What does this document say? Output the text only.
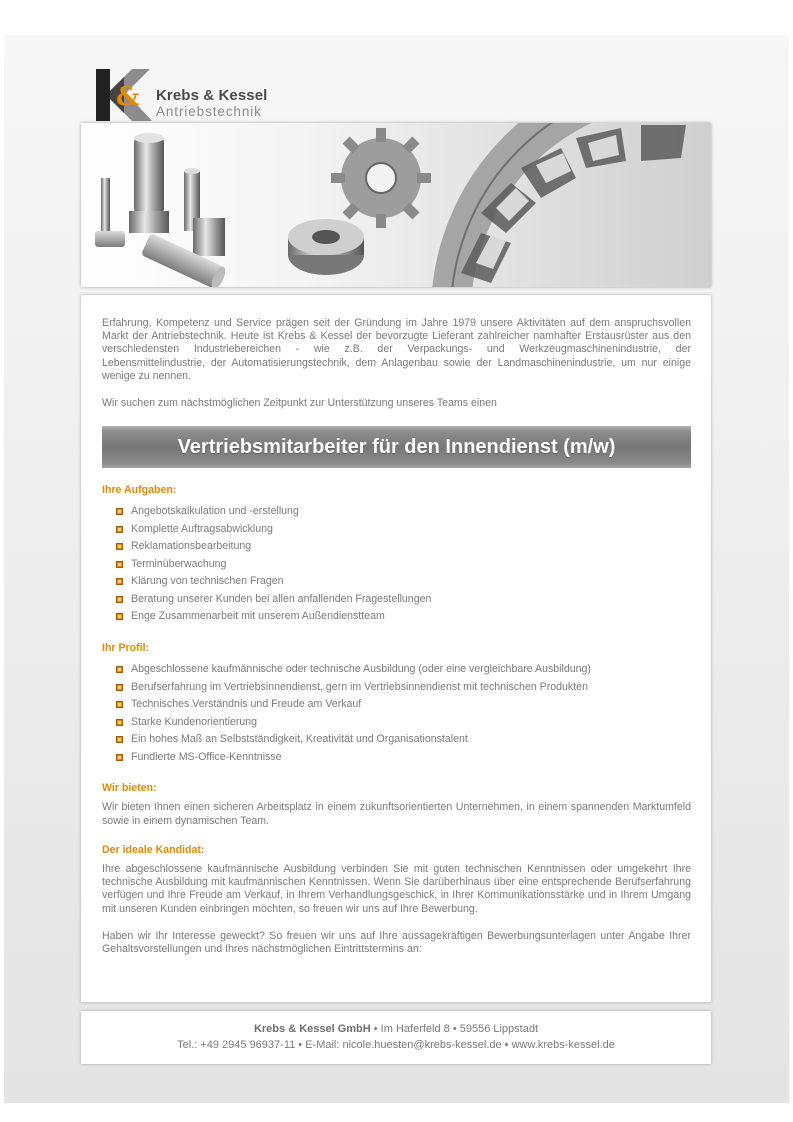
& Krebs & Kessel
Antriebstechnik

Erfahrung, Kompetenz und Service prägen seit der Gründung im Jahre 1979 unsere Aktivitäten auf dem anspruchsvollen Markt der Antriebstechnik. Heute ist Krebs & Kessel der bevorzugte Lieferant zahlreicher namhafter Erstausrüster aus den verschiedensten Industriebereichen - wie z.B. der Verpackungs- und Werkzeugmaschinenindustrie, der Lebensmittelindustrie, der Automatisierungstechnik, dem Anlagenbau sowie der Landmaschinenindustrie, um nur einige wenige zu nennen.

Wir suchen zum nächstmöglichen Zeitpunkt zur Unterstützung unseres Teams einen

Vertriebsmitarbeiter für den Innendienst (m/w)
Ihre Aufgaben:
Angebotskalkulation und -erstellung
Komplette Auftragsabwicklung
Reklamationsbearbeitung
Terminüberwachung
Klärung von technischen Fragen
Beratung unserer Kunden bei allen anfallenden Fragestellungen
Enge Zusammenarbeit mit unserem Außendienstteam
Ihr Profil:
Abgeschlossene kaufmännische oder technische Ausbildung (oder eine vergleichbare Ausbildung)
Berufserfahrung im Vertriebsinnendienst, gern im Vertriebsinnendienst mit technischen Produkten
Technisches Verständnis und Freude am Verkauf
Starke Kundenorientierung
Ein hohes Maß an Selbstständigkeit, Kreativität und Organisationstalent
Fundierte MS-Office-Kenntnisse
Wir bieten:

Wir bieten Ihnen einen sicheren Arbeitsplatz in einem zukunftsorientierten Unternehmen, in einem spannenden Marktumfeld sowie in einem dynamischen Team.

Der ideale Kandidat:

Ihre abgeschlossene kaufmännische Ausbildung verbinden Sie mit guten technischen Kenntnissen oder umgekehrt Ihre technische Ausbildung mit kaufmännischen Kenntnissen. Wenn Sie darüberhinaus über eine entsprechende Berufserfahrung verfügen und Ihre Freude am Verkauf, in Ihrem Verhandlungsgeschick, in Ihrer Kommunikationsstärke und in Ihrem Umgang mit unseren Kunden einbringen möchten, so freuen wir uns auf Ihre Bewerbung.

Haben wir Ihr Interesse geweckt? So freuen wir uns auf Ihre aussagekräftigen Bewerbungsunterlagen unter Angabe Ihrer Gehaltsvorstellungen und Ihres nächstmöglichen Eintrittstermins an:

Krebs & Kessel GmbH • Im Haferfeld 8 • 59556 Lippstadt
Tel.: +49 2945 96937-11 • E-Mail: nicole.huesten@krebs-kessel.de • www.krebs-kessel.de
